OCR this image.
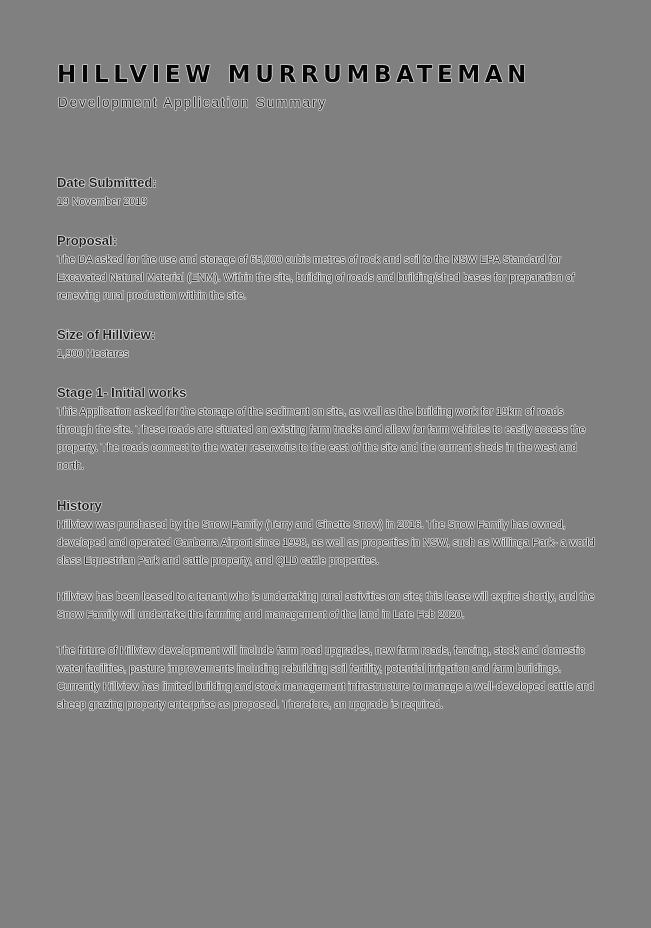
HILLVIEW MURRUMBATEMAN
Development Application Summary
Date Submitted:
19 November 2019
Proposal:
The DA asked for the use and storage of 65,000 cubic metres of rock and soil to the NSW EPA Standard for Excavated Natural Material (ENM). Within the site, building of roads and building/shed bases for preparation of renewing rural production within the site.
Size of Hillview:
1,900 Hectares
Stage 1- Initial works
This Application asked for the storage of the sediment on site, as well as the building work for 19km of roads through the site. These roads are situated on existing farm tracks and allow for farm vehicles to easily access the property. The roads connect to the water reservoirs to the east of the site and the current sheds in the west and north.
History

Hillview was purchased by the Snow Family (Terry and Ginette Snow) in 2016. The Snow Family has owned, developed and operated Canberra Airport since 1998, as well as properties in NSW, such as Willinga Park- a world class Equestrian Park and cattle property, and QLD cattle properties.

Hillview has been leased to a tenant who is undertaking rural activities on site; this lease will expire shortly, and the Snow Family will undertake the farming and management of the land in Late Feb 2020.

The future of Hillview development will include farm road upgrades, new farm roads, fencing, stock and domestic water facilities, pasture improvements including rebuilding soil fertility, potential irrigation and farm buildings. Currently Hillview has limited building and stock management infrastructure to manage a well-developed cattle and sheep grazing property enterprise as proposed. Therefore, an upgrade is required.
